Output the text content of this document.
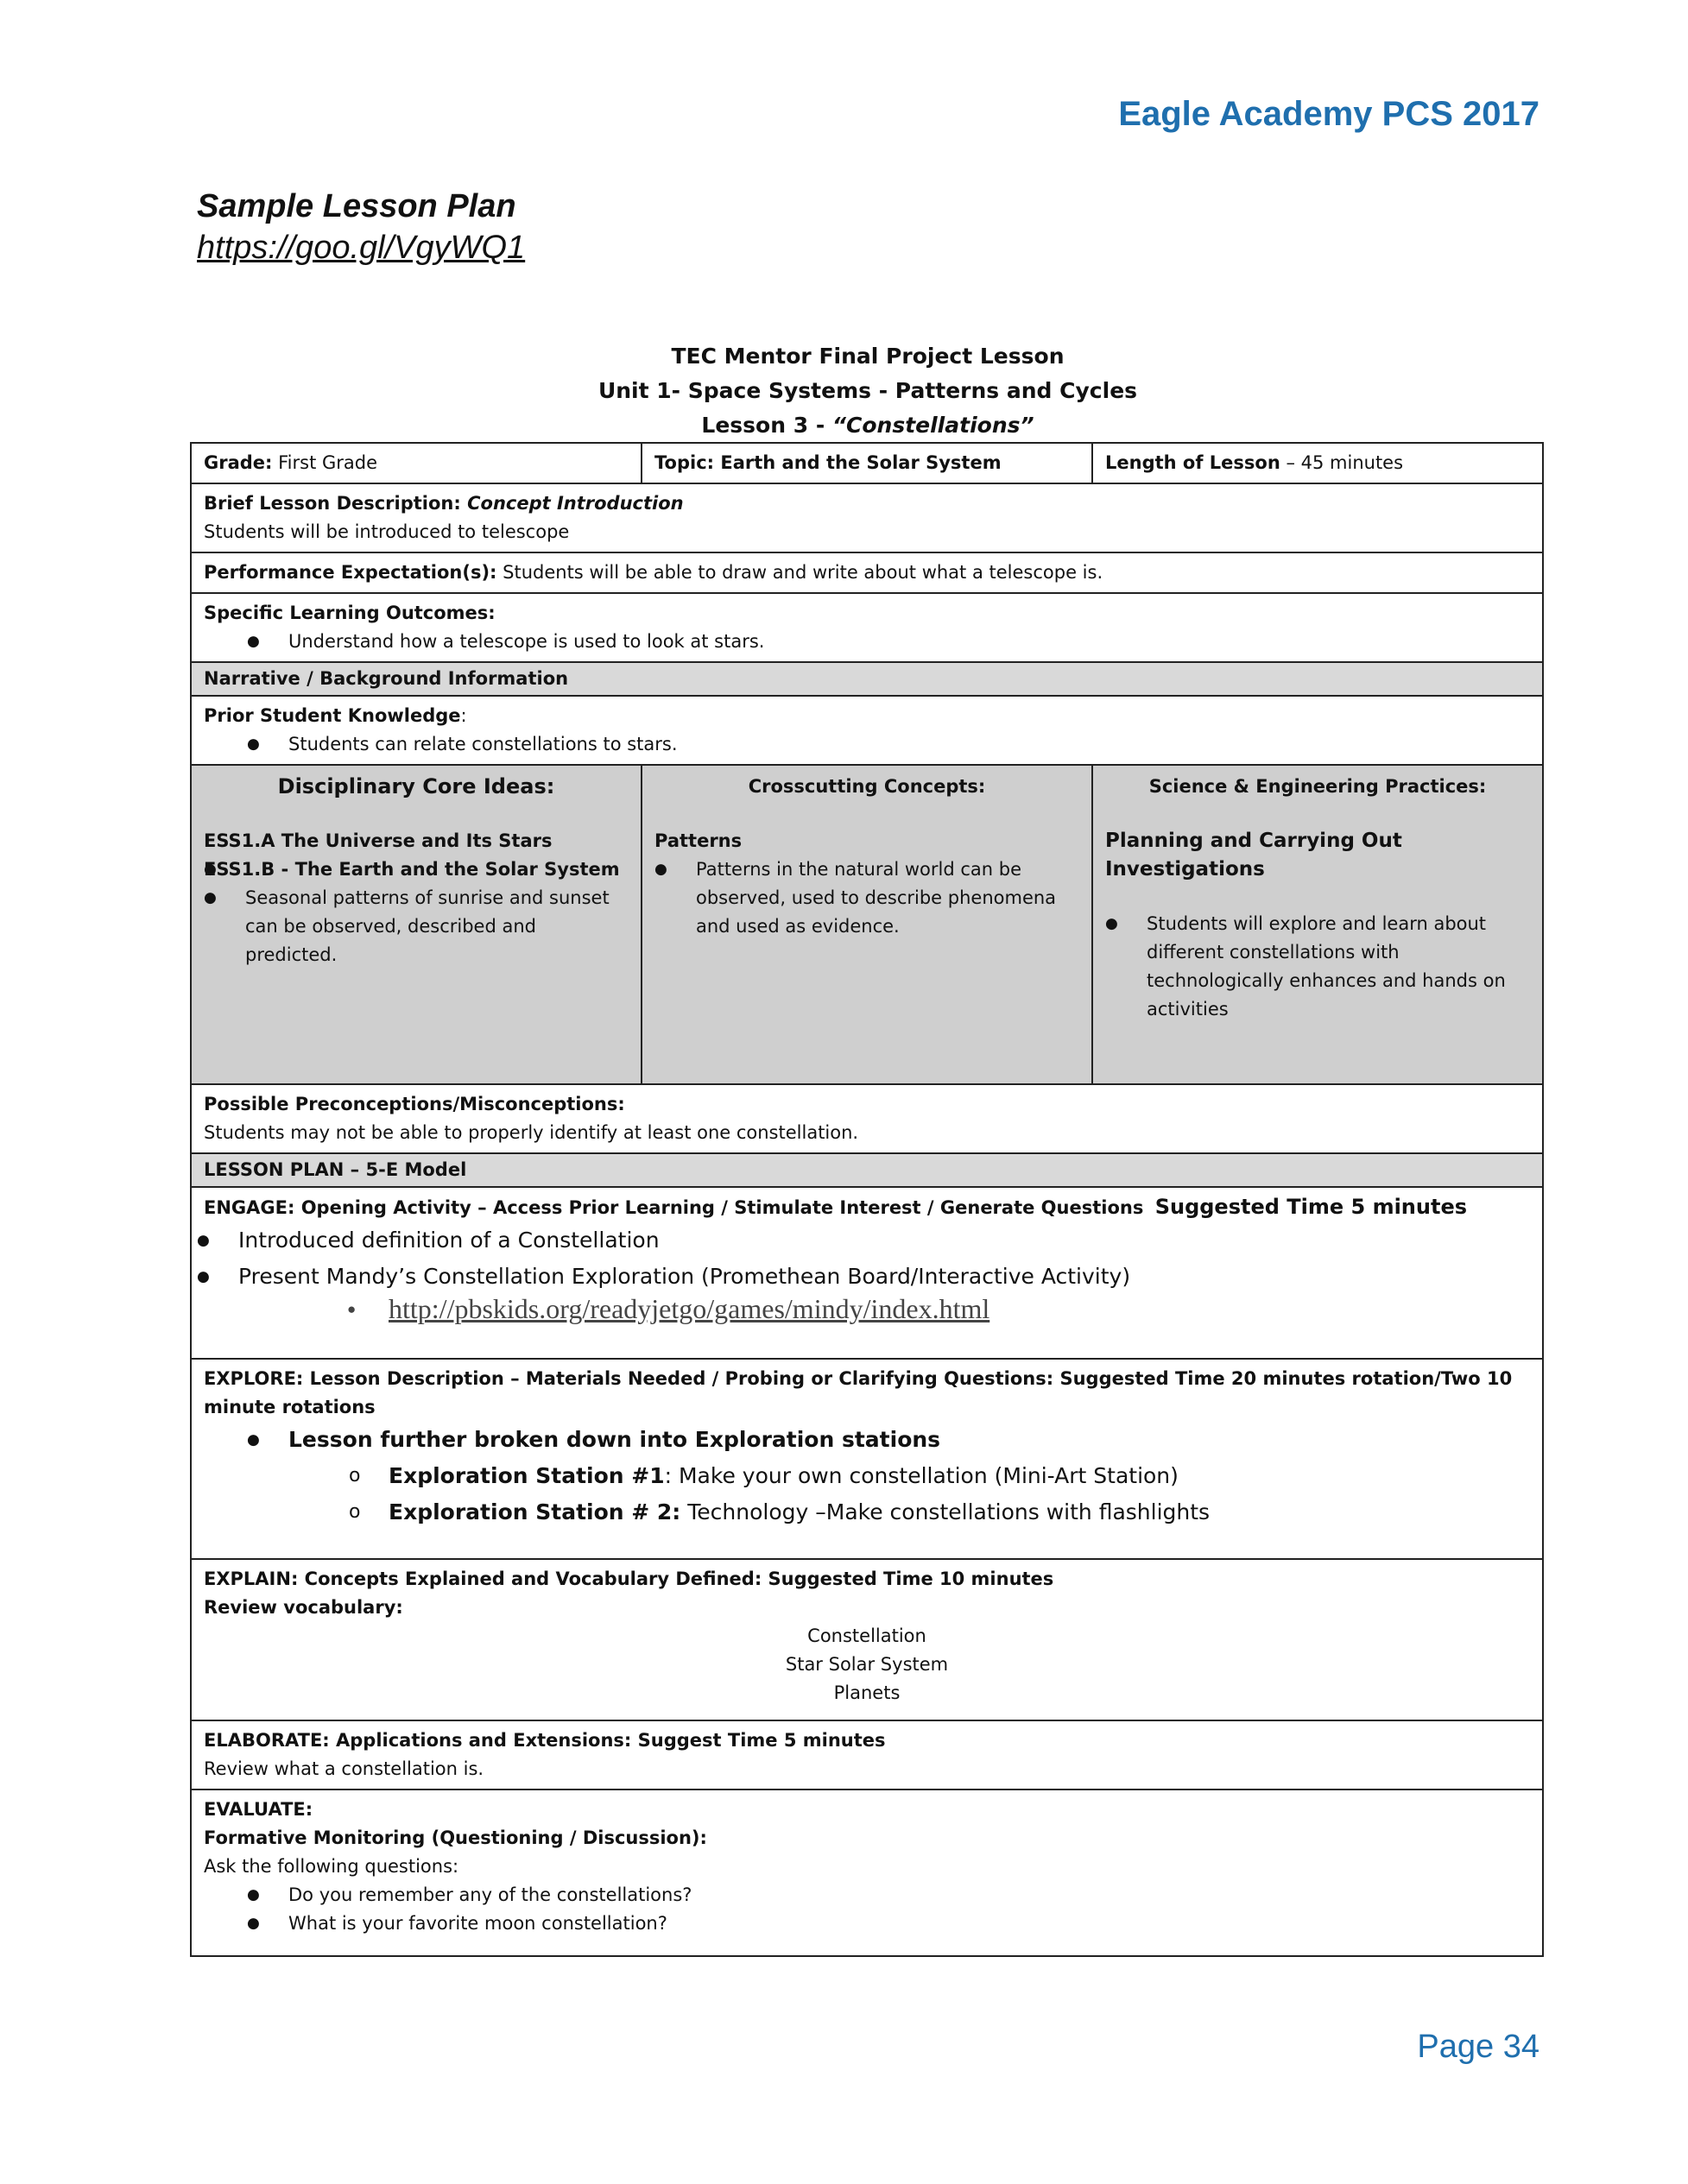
Eagle Academy PCS 2017
Sample Lesson Plan
https://goo.gl/VgyWQ1
TEC Mentor Final Project Lesson
Unit 1- Space Systems - Patterns and Cycles
Lesson 3 - “Constellations”
Grade: First Grade	Topic: Earth and the Solar System	Length of Lesson – 45 minutes
Brief Lesson Description: Concept Introduction
Students will be introduced to telescope
Performance Expectation(s): Students will be able to draw and write about what a telescope is.
Specific Learning Outcomes:
● Understand how a telescope is used to look at stars.
Narrative / Background Information
Prior Student Knowledge:
● Students can relate constellations to stars.
Disciplinary Core Ideas:
ESS1.A The Universe and Its Stars
ESS1.B - The Earth and the Solar System
● Seasonal patterns of sunrise and sunset can be observed, described and predicted.
Crosscutting Concepts:
Patterns
● Patterns in the natural world can be observed, used to describe phenomena and used as evidence.
Science & Engineering Practices:
Planning and Carrying Out Investigations
● Students will explore and learn about different constellations with technologically enhances and hands on activities
Possible Preconceptions/Misconceptions:
Students may not be able to properly identify at least one constellation.
LESSON PLAN – 5-E Model
ENGAGE: Opening Activity – Access Prior Learning / Stimulate Interest / Generate Questions Suggested Time 5 minutes
● Introduced definition of a Constellation
● Present Mandy’s Constellation Exploration (Promethean Board/Interactive Activity)
● http://pbskids.org/readyjetgo/games/mindy/index.html
EXPLORE: Lesson Description – Materials Needed / Probing or Clarifying Questions: Suggested Time 20 minutes rotation/Two 10 minute rotations
● Lesson further broken down into Exploration stations
o Exploration Station #1: Make your own constellation (Mini-Art Station)
o Exploration Station # 2: Technology –Make constellations with flashlights
EXPLAIN: Concepts Explained and Vocabulary Defined: Suggested Time 10 minutes
Review vocabulary:
Constellation
Star Solar System
Planets
ELABORATE: Applications and Extensions: Suggest Time 5 minutes
Review what a constellation is.
EVALUATE:
Formative Monitoring (Questioning / Discussion):
Ask the following questions:
● Do you remember any of the constellations?
● What is your favorite moon constellation?
Page 34
